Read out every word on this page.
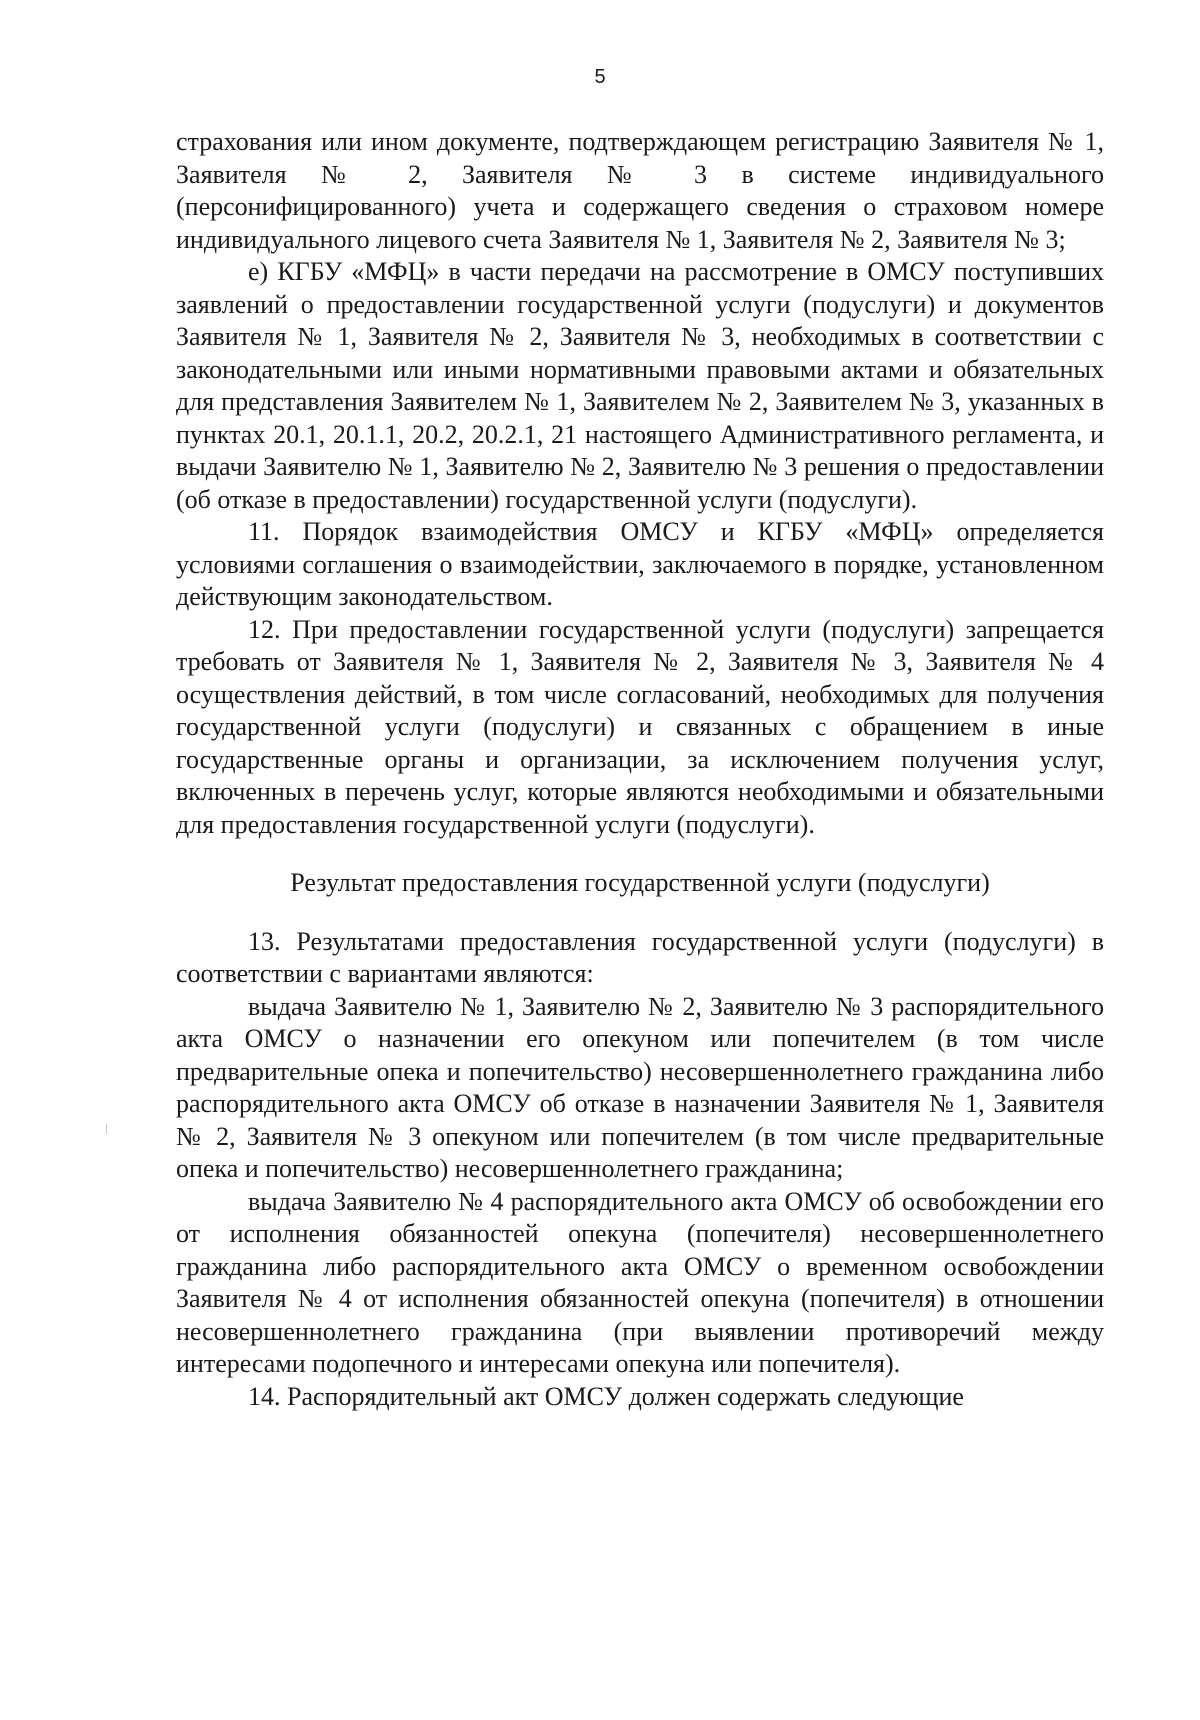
5

страхования или ином документе, подтверждающем регистрацию Заявителя № 1, Заявителя № 2, Заявителя № 3 в системе индивидуального (персонифицированного) учета и содержащего сведения о страховом номере индивидуального лицевого счета Заявителя № 1, Заявителя № 2, Заявителя № 3;

е) КГБУ «МФЦ» в части передачи на рассмотрение в ОМСУ поступивших заявлений о предоставлении государственной услуги (подуслуги) и документов Заявителя № 1, Заявителя № 2, Заявителя № 3, необходимых в соответствии с законодательными или иными нормативными правовыми актами и обязательных для представления Заявителем № 1, Заявителем № 2, Заявителем № 3, указанных в пунктах 20.1, 20.1.1, 20.2, 20.2.1, 21 настоящего Административного регламента, и выдачи Заявителю № 1, Заявителю № 2, Заявителю № 3 решения о предоставлении (об отказе в предоставлении) государственной услуги (подуслуги).

11. Порядок взаимодействия ОМСУ и КГБУ «МФЦ» определяется условиями соглашения о взаимодействии, заключаемого в порядке, установленном действующим законодательством.

12. При предоставлении государственной услуги (подуслуги) запрещается требовать от Заявителя № 1, Заявителя № 2, Заявителя № 3, Заявителя № 4 осуществления действий, в том числе согласований, необходимых для получения государственной услуги (подуслуги) и связанных с обращением в иные государственные органы и организации, за исключением получения услуг, включенных в перечень услуг, которые являются необходимыми и обязательными для предоставления государственной услуги (подуслуги).

Результат предоставления государственной услуги (подуслуги)

13. Результатами предоставления государственной услуги (подуслуги) в соответствии с вариантами являются:

выдача Заявителю № 1, Заявителю № 2, Заявителю № 3 распорядительного акта ОМСУ о назначении его опекуном или попечителем (в том числе предварительные опека и попечительство) несовершеннолетнего гражданина либо распорядительного акта ОМСУ об отказе в назначении Заявителя № 1, Заявителя № 2, Заявителя № 3 опекуном или попечителем (в том числе предварительные опека и попечительство) несовершеннолетнего гражданина;

выдача Заявителю № 4 распорядительного акта ОМСУ об освобождении его от исполнения обязанностей опекуна (попечителя) несовершеннолетнего гражданина либо распорядительного акта ОМСУ о временном освобождении Заявителя № 4 от исполнения обязанностей опекуна (попечителя) в отношении несовершеннолетнего гражданина (при выявлении противоречий между интересами подопечного и интересами опекуна или попечителя).

14. Распорядительный акт ОМСУ должен содержать следующие
